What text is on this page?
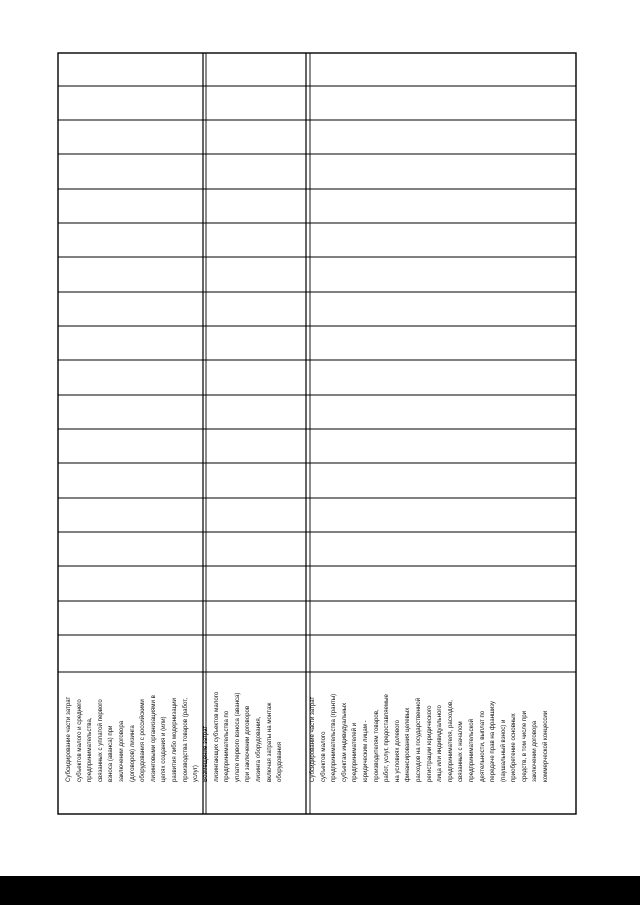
Субсидирование части затрат
субъектов малого и среднего
предпринимательства,
связанных с уплатой первого
взноса (аванса) при
заключении договора
(договоров) лизинга
оборудования с российскими
лизинговыми организациями в
целях создания и (или)
развития либо модернизации
производства товаров (работ,
услуг) Возмещение затрат
лизингающих субъектов малого
предпринимательства по
уплате первого взноса (аванса)
при заключении договоров
лизинга оборудования,
включая затраты на монтаж
оборудования	Субсидирование части затрат
субъектов малого
предпринимательства (гранты)
субъектам индивидуальных
предпринимателей и
юридическим лицам -
производителям товаров,
работ, услуг, предоставляемые
на условиях долевого
финансирования целевых
расходов на государственной
регистрации юридического
лица или индивидуального
предпринимателя, расходов,
связанных с началом
предпринимательской
деятельности, выплат по
передаче прав на франшизу
(паушальный взнос) и
приобретение основных
средств, в том числе при
заключении договора
коммерческой концессии
